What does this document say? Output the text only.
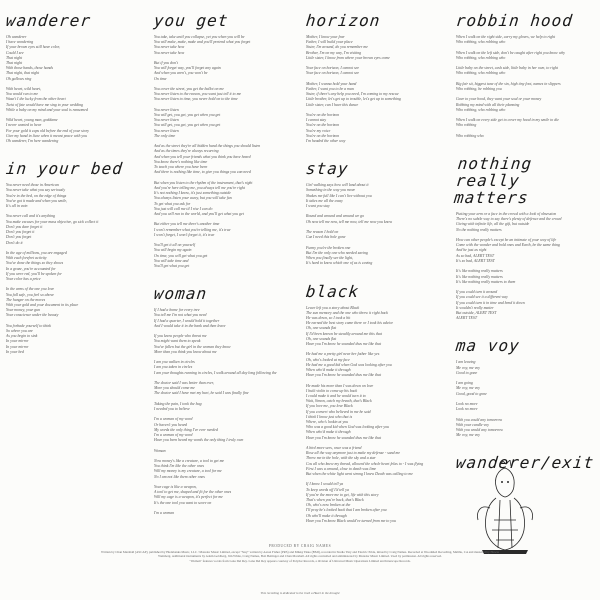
wanderer
Oh wanderer
I have wondering
If your brown eyes still have color,
Could I see
That night
That night
With those hands, those hands
That night, that night
Oh gallows ring

With heart, wild heart,
You would run to me
Wasn't I the lucky from the other heart
Twist of fate would have me sing to your wedding
While a baby on my mind and your soul is ransomed

Wild heart, young man, goddame
I never wanted to hear
For your gold it caps old before the end of your story
Give my hand in June when it meant peace with you
Oh wanderer, I'm here wandering
in your bed
You never need those in American
You never take what you say seriously
You're in the bed, on the edge of things
You've got it made and when you smile,
It's all in vain

You never call and it's anything
You make excuses for your mass objective, go sick collect it
Don't you dare forget it
Don't you forget it
Don't you forget
Don't do it

In the age of millions, you are engaged
With each forefeet activity
You've done the things so they shows
In a graze, you're accounted for
If you were red, you'll be spoken for
Your color has a price

In the arms of the one you love
You fall safe, you feel so above
The hunger on the moves
With your gold and your document in its place
Your money, your gun
Your conscience under the beauty

You forbade yourself to think
So where you are
As you begin to sink
In your mirror
In your mirror
In your bed
you get
You take, take until you collapse, yet you when you will be
You will make, make, make and you'll pretend what you forget
You never take how
You never take how

But if you don't
You will forget way, you'll forget any again
And when you aren't, you won't be
On time

You cover the street, you get the ballot on me
You never listen to the reason, you want just tell it to me
You never listen to time, you never hold on to the time

You never listen
You will get, you get, you get when you get
You never listen
You will get, you get, you get when you get
You never listen
The only time

And as the street they're all hidden hand the things you should listen
And as the times they're always recurring
And when you tell your friends what you think you have heard
You know there's nothing like time
To teach you where you have been
And there is nothing like time, to give you things you can need

But when you listen to the rhythm of the instrument, that's right
And you're here telling me, you always tell me you're right
It's not nothing I know, it's just something outside
You always listen your away, but you will take fun
To get what you ask for
You just will call me til I rise I can do
And you will run to the world, and you'll get what you get

But either you tell me there's another time
I won't remember what you're telling me, it's true
I won't forget, I won't forget it, it's true

You'll get it all on yourself
You will begin my again
On time, you will get what you get
You will take time and
You'll get what you get
woman
If I had a home for every tree
You tell me I'm not what you need
If I had a quarter, I would hold it together
And I would take it in the bank and then leave

If you know people who threat me
You might want them to speak
You've fallen but the girl in the woman they know
More than you think you know about me

I am you walken in circles
I am you taken in circles
I am your thoughts running in circles, I walk around all day long following the

The doctor said I was better than ever,
More you should come me
The doctor said I have met my hurt, he said I was finally fine

Taking the pain, I took the bag
I needed you to believe

I'm a woman of my word
Or haven't you heard
My words the only thing I've ever needed
I'm a woman of my word
Have you been heard my words the only thing I truly own

Woman

Now money's like a creature, a tool to get me
You think I'm like the other ones
Will my money is my creature, a tool for me
No I am not like them other ones

Your cage is like a weapon,
A tool to get me, shaped and fit for the other ones
Will my cage is a weapon, it's perfect for me
It's the one tool you want to score on

I'm a woman
horizon
Mother, I know your fear
Father, I will build your place
Sister, I'm around, do you remember me
Brother, I'm on my way, I'm visiting
Little sister, I know from where your brown eyes come

Your face on horizon, I cannot see
Your face on horizon, I cannot see

Mother, I wanna hold your hand
Father, I want you to be a man
Sister, if there's any help you need, I'm coming to my rescue
Little brother, let's get up to trouble, let's get up to something
Little sister, can I have this dance

You're on the horizon
I cannot stay
You're on the horizon
You're my voice
You're on the horizon
I'm headed the other way
stay
Girl walking says how will land about it
Something in the way you move
Shakes me full like I can't live without you
It takes me all the away
I want you stay

Round and around and around we go
Oh now tell me now, tell me now, tell me now you know

The reason I hold on
Cuz I need this hole gone

Funny you're the broken one
But I'm the only one who needed saving
When you finally see the light,
It's hard to know which one of us is caving
black
Leave left you a story about Black
The sun memory and the one who threw it right back
He was down, so I took a hit
He earned the best story came there or I took his advice
Oh, one sounds flat
If I'd been known be steadily around me this that
Oh, one sounds flat
Have you I'm know he sounded thus me like that

He had me a pretty girl near her father like yes
Oh, who's looked at my face
He had me a good kid when God was looking after you
When who'd make it through
Have you I'm know he sounded thus me like that

He made his more than I was down on love
I built violin to come up his back
I could make it and he would turn it to
Wait, Simon, catch my breath, that's Black
If you love me, you love Black
If you convert who believed in me he said
I think I know just who that is
Where, who's lookin at you
Who was a good kid when God was looking after you
When who'd make it through
Have you I'm know he sounded thus me like that

A bird more sees, once was a friend
Rose all the way anymore just to make my defense - sand me
Threw me in the hole, with the sky and a star
Cos all who knew my thread, allowed the whole heart felas to - I was flying
First I was a around, close to death was lime
But when the white light went strong I knew Death was calling to me

If I know I would tell ya
To keep words off I'd tell ya
If you're the more me to get, life with this story
That's when you're back, that's Black
Oh, who's now broken at the
I'll pray he's looked back that I am broken after you
Oh who'll make it through
Have you I'm know Black would've turned from me to you
robbin hood
When I walk on the right side, carry my gloves, we help to right
Who robbing, who robbing who

When I walk on the left side, don't be caught after right you know why
Who robbing, who robbing who

Little baby on the street, cash side, little baby in her own, to right
Who robbing, who robbing who

Big fair sit, biggest tune of the sin, high tiny foot, names in slippers
Who robbing, be robbing you

Gave to your hood, they want your soul or your money
Robbing my mind with all their planning
Who robbing, who robbing who

When I walk on every side get to cover my hood in my smile to die
Who robbing

Who robbing who
nothing really matters
Putting your arm or a face in the crowd with a look of obsession
There's no subtle way to say there's plenty of defence and the crowd
Giving with infinite life, all the gift, but outside
No the nothing really matters

How can other people's except be an intimate of your way of life
Come with the wonder and bold ones and Earth, be the same thing
And he just as right
As so bad, ALERT TEST
It's so bad, ALERT TEST

It's like nothing really matters
It's like nothing really matters
It's like nothing really matters to them

If you could turn it around
If you could see it a different way
If you could turn it in time and bend it down
It wouldn't really matter
But outside, ALERT TEST
ALERT TEST
ma voy
I am leaving
Me voy, me voy
Good to gone

I am going
Me voy, me voy
Good, good to gone

Look no more
Look no more

With you could any tomorrow
With your candle voy
With you would any tomorrow
Me voy, me voy
wanderer/exit
PRODUCED BY CRAIG NAMES
Written by Chan Marshall [ASCAP], published by Hudabanks Music, LLC / Matador Music Limited, except "Stay" written by Aaron Fisher (PRS) and Mikky Ekko (BMI), recorded in Studio Tiny and Electric Pride, mixed by Craig Names. Recorded at Woodshed Recording, Malibu, CA and mastered by Howie Weinberg. Additional instruments by Adam Goldberg, Jim White, Craig Names, Bob Bettinger and Chan Marshall. All rights controlled and administered by Matador Music Limited. Used by permission. All rights reserved.
"Woman" features vocals from Lana Del Rey. Lana Del Rey appears courtesy of Polydor Records, a division of Universal Music Operations Limited and Interscope Records.
This recording is dedicated to the truth a Hazel in the drought
